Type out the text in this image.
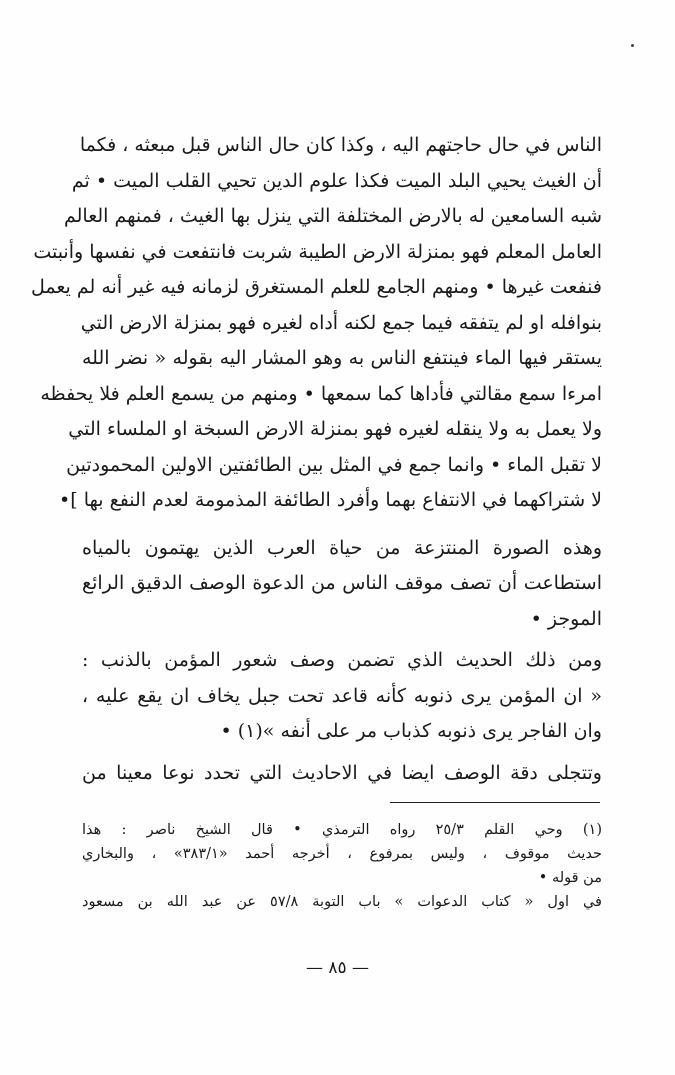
الناس في حال حاجتهم اليه ، وكذا كان حال الناس قبل مبعثه ، فكما
أن الغيث يحيي البلد الميت فكذا علوم الدين تحيي القلب الميت • ثم
شبه السامعين له بالارض المختلفة التي ينزل بها الغيث ، فمنهم العالم
العامل المعلم فهو بمنزلة الارض الطيبة شربت فانتفعت في نفسها وأنبتت
فنفعت غيرها • ومنهم الجامع للعلم المستغرق لزمانه فيه غير أنه لم يعمل
بنوافله او لم يتفقه فيما جمع لكنه أداه لغيره فهو بمنزلة الارض التي
يستقر فيها الماء فينتفع الناس به وهو المشار اليه بقوله « نضر الله
امرءا سمع مقالتي فأداها كما سمعها • ومنهم من يسمع العلم فلا يحفظه
ولا يعمل به ولا ينقله لغيره فهو بمنزلة الارض السبخة او الملساء التي
لا تقبل الماء • وانما جمع في المثل بين الطائفتين الاولين المحمودتين
لا شتراكهما في الانتفاع بهما وأفرد الطائفة المذمومة لعدم النفع بها ]•
وهذه الصورة المنتزعة من حياة العرب الذين يهتمون بالمياه
استطاعت أن تصف موقف الناس من الدعوة الوصف الدقيق الرائع
الموجز •
ومن ذلك الحديث الذي تضمن وصف شعور المؤمن بالذنب :
« ان المؤمن يرى ذنوبه كأنه قاعد تحت جبل يخاف ان يقع عليه ،
وان الفاجر يرى ذنوبه كذباب مر على أنفه »(١) •
وتتجلى دقة الوصف ايضا في الاحاديث التي تحدد نوعا معينا من
(١) وحي القلم ٢٥/٣ رواه الترمذي • قال الشيخ ناصر : هذا
حديث موقوف ، وليس بمرفوع ، أخرجه أحمد «٣٨٣/١» ، والبخاري
من قوله •
في اول « كتاب الدعوات » باب التوبة ٥٧/٨ عن عبد الله بن مسعود
— ٨٥ —
